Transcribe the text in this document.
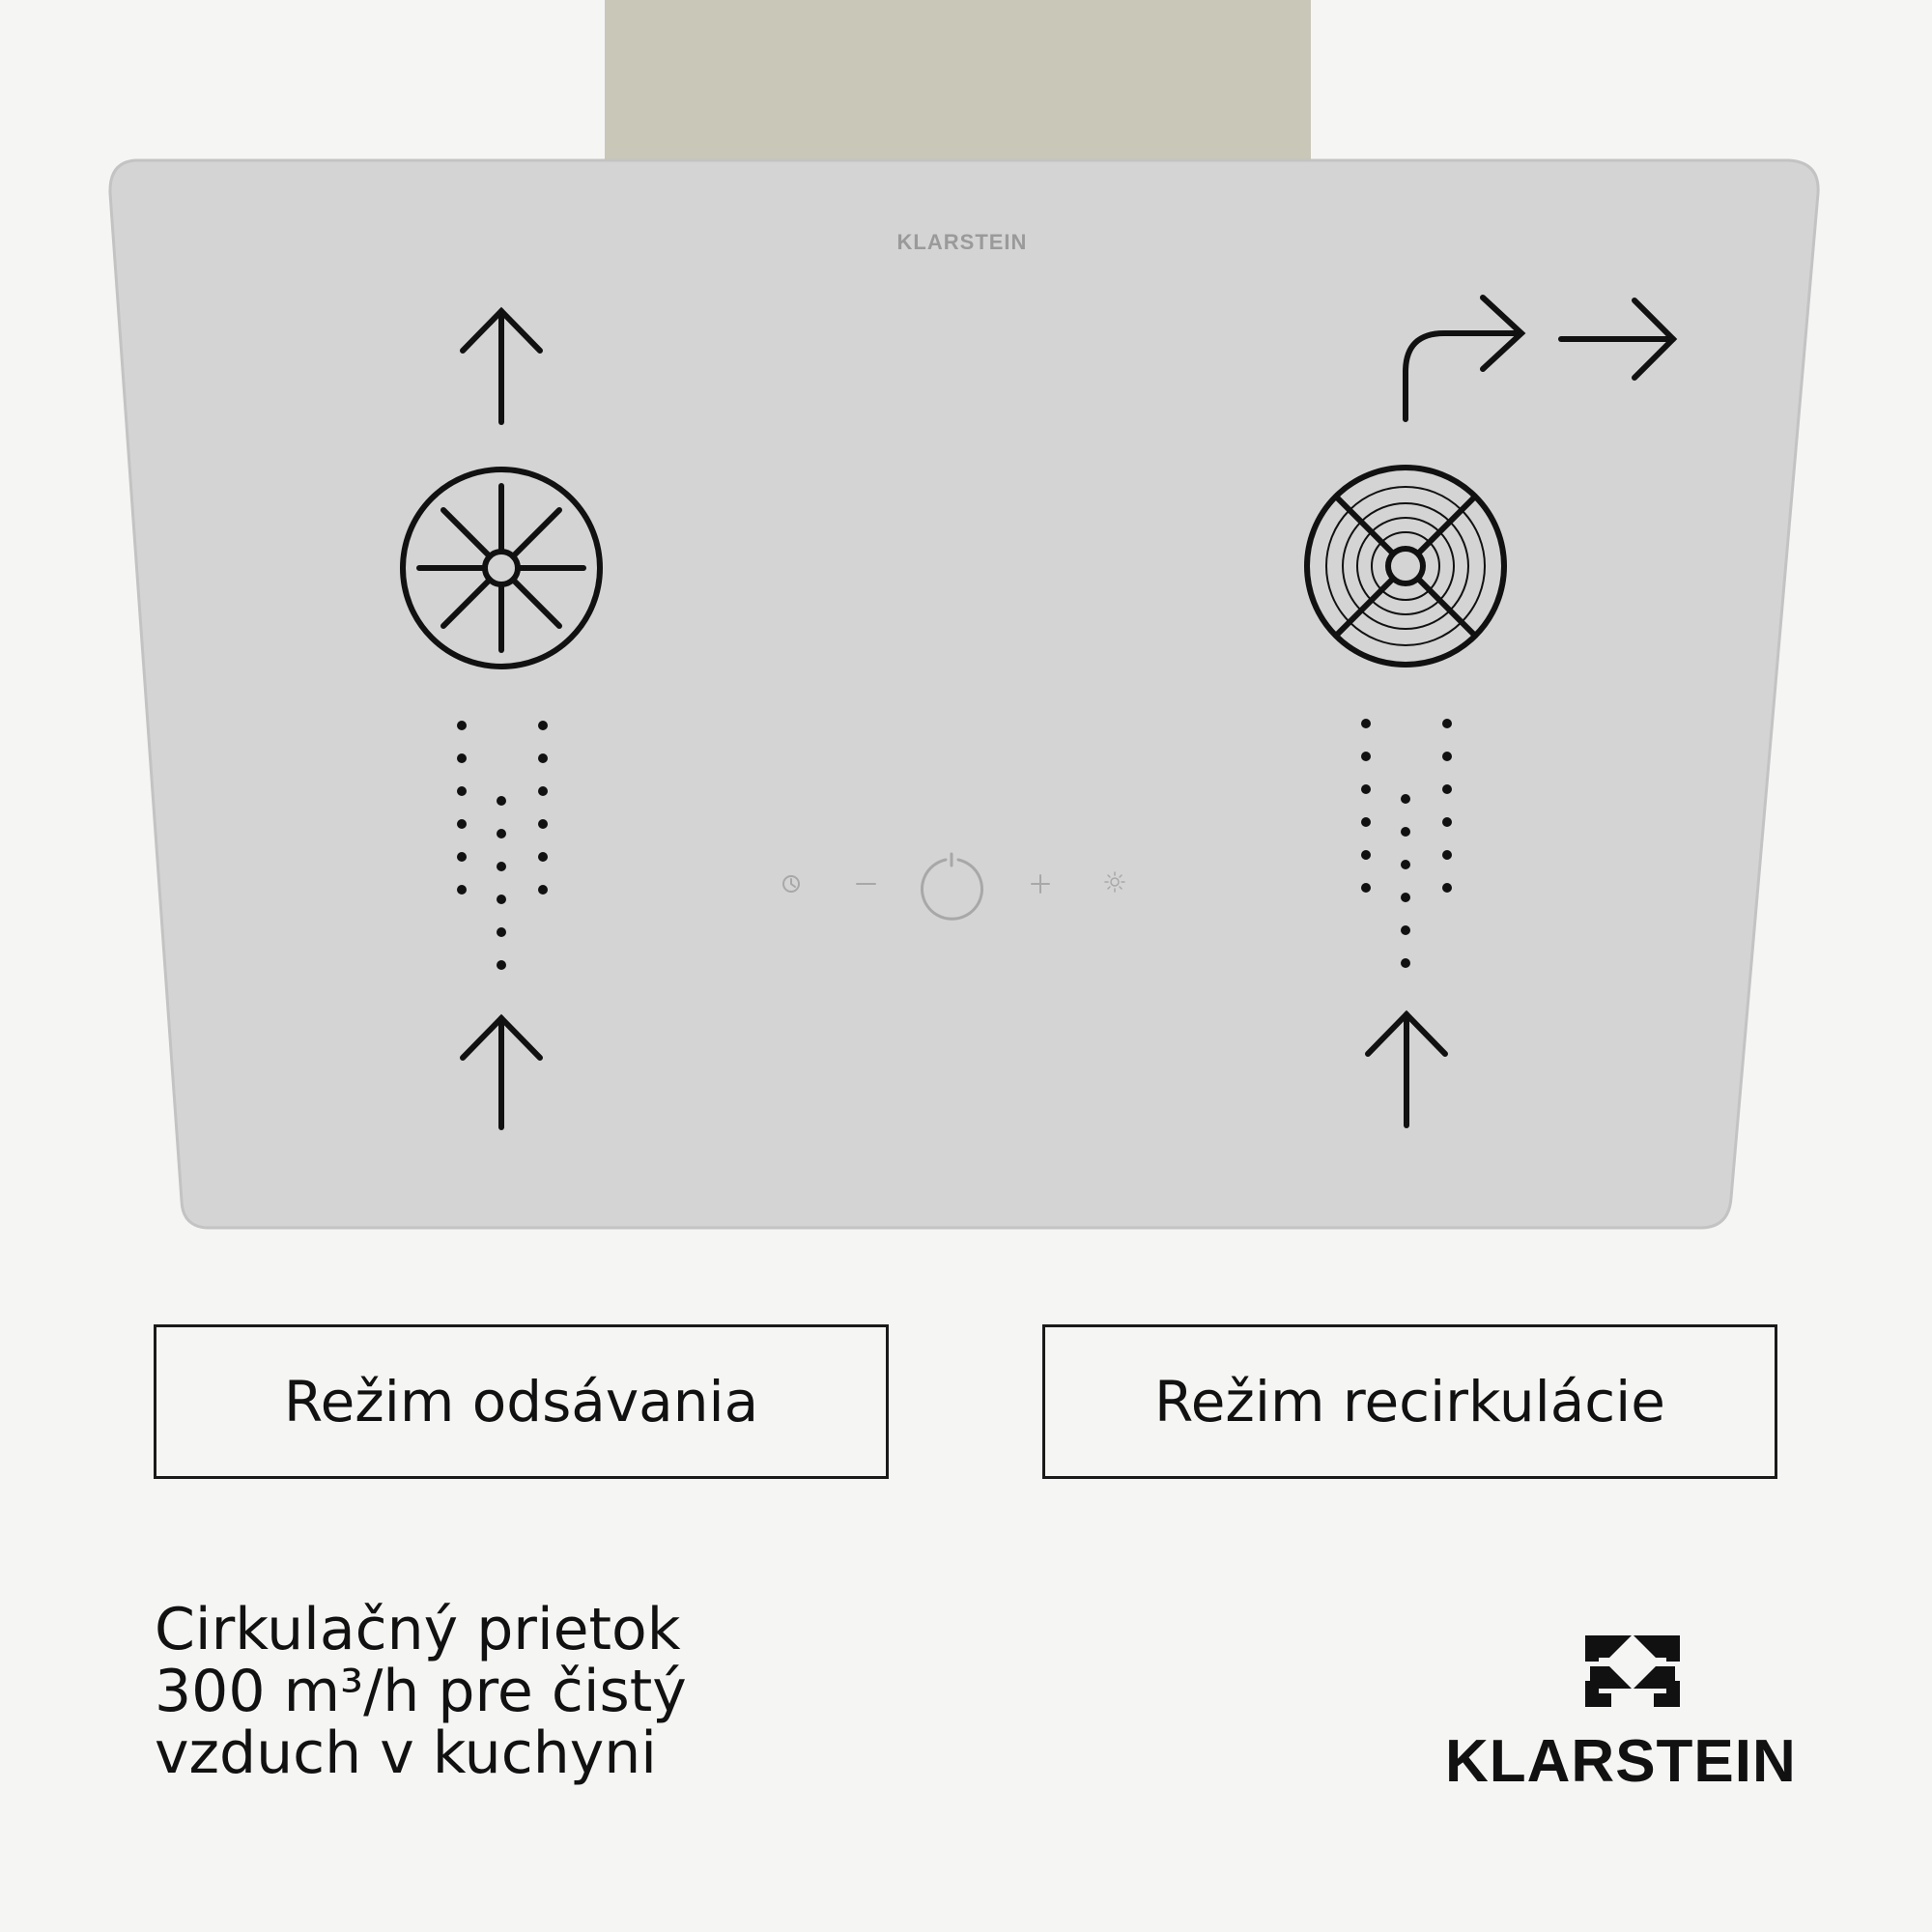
KLARSTEIN
Režim odsávania	Režim recirkulácie
Cirkulačný prietok
300 m³/h pre čistý
vzduch v kuchyni	KLARSTEIN
